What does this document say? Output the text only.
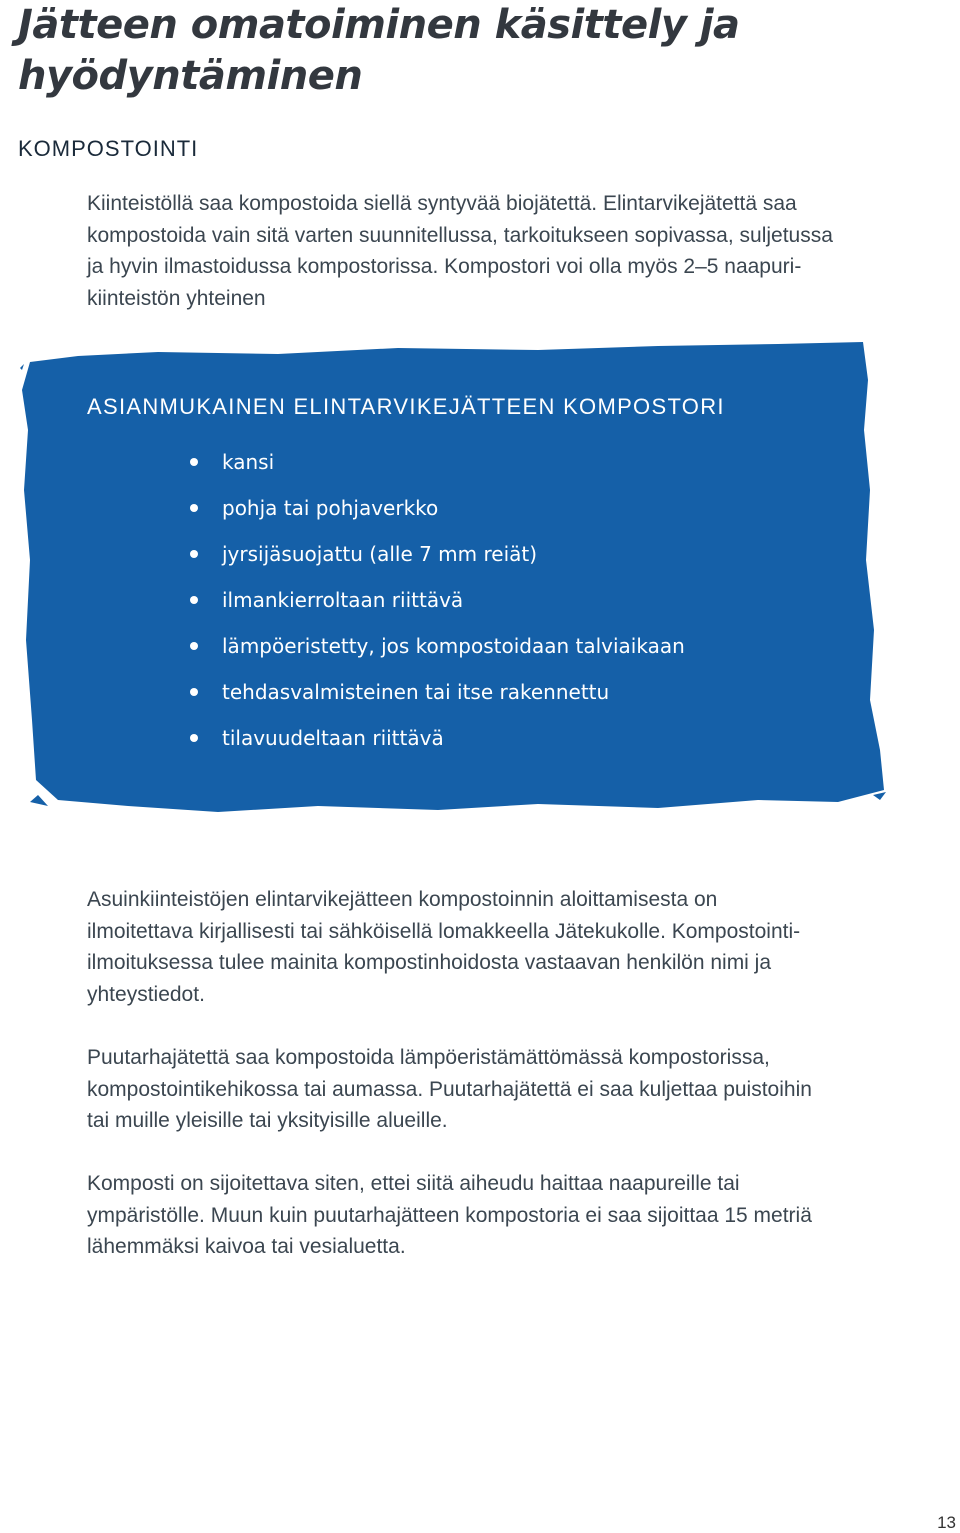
Jätteen omatoiminen käsittely ja
hyödyntäminen
KOMPOSTOINTI

Kiinteistöllä saa kompostoida siellä syntyvää biojätettä. Elintarvikejätettä saa
kompostoida vain sitä varten suunnitellussa, tarkoitukseen sopivassa, suljetussa
ja hyvin ilmastoidussa kompostorissa. Kompostori voi olla myös 2–5 naapuri-
kiinteistön yhteinen

ASIANMUKAINEN ELINTARVIKEJÄTTEEN KOMPOSTORI
kansi
pohja tai pohjaverkko
jyrsijäsuojattu (alle 7 mm reiät)
ilmankierroltaan riittävä
lämpöeristetty, jos kompostoidaan talviaikaan
tehdasvalmisteinen tai itse rakennettu
tilavuudeltaan riittävä

Asuinkiinteistöjen elintarvikejätteen kompostoinnin aloittamisesta on
ilmoitettava kirjallisesti tai sähköisellä lomakkeella Jätekukolle. Kompostointi-
ilmoituksessa tulee mainita kompostinhoidosta vastaavan henkilön nimi ja
yhteystiedot.

Puutarhajätettä saa kompostoida lämpöeristämättömässä kompostorissa,
kompostointikehikossa tai aumassa. Puutarhajätettä ei saa kuljettaa puistoihin
tai muille yleisille tai yksityisille alueille.

Komposti on sijoitettava siten, ettei siitä aiheudu haittaa naapureille tai
ympäristölle. Muun kuin puutarhajätteen kompostoria ei saa sijoittaa 15 metriä
lähemmäksi kaivoa tai vesialuetta.

13
